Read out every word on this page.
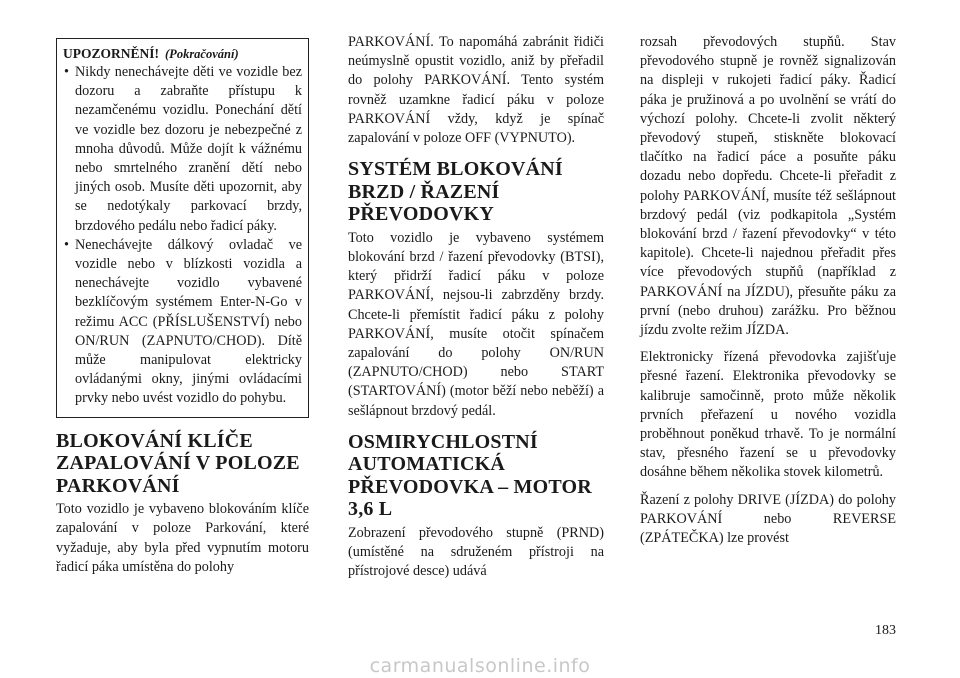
UPOZORNĚNÍ! (Pokračování)
• Nikdy nenechávejte děti ve vozidle bez dozoru a zabraňte přístupu k nezamčenému vozidlu. Ponechání dětí ve vozidle bez dozoru je nebezpečné z mnoha důvodů. Může dojít k vážnému nebo smrtelného zranění dětí nebo jiných osob. Musíte děti upozornit, aby se nedotýkaly parkovací brzdy, brzdového pedálu nebo řadicí páky.
• Nenechávejte dálkový ovladač ve vozidle nebo v blízkosti vozidla a nenechávejte vozidlo vybavené bezklíčovým systémem Enter-N-Go v režimu ACC (PŘÍSLUŠENSTVÍ) nebo ON/RUN (ZAPNUTO/CHOD). Dítě může manipulovat elektricky ovládanými okny, jinými ovládacími prvky nebo uvést vozidlo do pohybu.
BLOKOVÁNÍ KLÍČE ZAPALOVÁNÍ V POLOZE PARKOVÁNÍ

Toto vozidlo je vybaveno blokováním klíče zapalování v poloze Parkování, které vyžaduje, aby byla před vypnutím motoru řadicí páka umístěna do polohy

PARKOVÁNÍ. To napomáhá zabránit řidiči neúmyslně opustit vozidlo, aniž by přeřadil do polohy PARKOVÁNÍ. Tento systém rovněž uzamkne řadicí páku v poloze PARKOVÁNÍ vždy, když je spínač zapalování v poloze OFF (VYPNUTO).

SYSTÉM BLOKOVÁNÍ BRZD / ŘAZENÍ PŘEVODOVKY

Toto vozidlo je vybaveno systémem blokování brzd / řazení převodovky (BTSI), který přidrží řadicí páku v poloze PARKOVÁNÍ, nejsou-li zabrzděny brzdy. Chcete-li přemístit řadicí páku z polohy PARKOVÁNÍ, musíte otočit spínačem zapalování do polohy ON/RUN (ZAPNUTO/CHOD) nebo START (STARTOVÁNÍ) (motor běží nebo neběží) a sešlápnout brzdový pedál.

OSMIRYCHLOSTNÍ AUTOMATICKÁ PŘEVODOVKA – MOTOR 3,6 L

Zobrazení převodového stupně (PRND) (umístěné na sdruženém přístroji na přístrojové desce) udává

rozsah převodových stupňů. Stav převodového stupně je rovněž signalizován na displeji v rukojeti řadicí páky. Řadicí páka je pružinová a po uvolnění se vrátí do výchozí polohy. Chcete-li zvolit některý převodový stupeň, stiskněte blokovací tlačítko na řadicí páce a posuňte páku dozadu nebo dopředu. Chcete-li přeřadit z polohy PARKOVÁNÍ, musíte též sešlápnout brzdový pedál (viz podkapitola „Systém blokování brzd / řazení převodovky“ v této kapitole). Chcete-li najednou přeřadit přes více převodových stupňů (například z PARKOVÁNÍ na JÍZDU), přesuňte páku za první (nebo druhou) zarážku. Pro běžnou jízdu zvolte režim JÍZDA.

Elektronicky řízená převodovka zajišťuje přesné řazení. Elektronika převodovky se kalibruje samočinně, proto může několik prvních přeřazení u nového vozidla proběhnout poněkud trhavě. To je normální stav, přesného řazení se u převodovky dosáhne během několika stovek kilometrů.

Řazení z polohy DRIVE (JÍZDA) do polohy PARKOVÁNÍ nebo REVERSE (ZPÁTEČKA) lze provést

183
carmanualsonline.info
